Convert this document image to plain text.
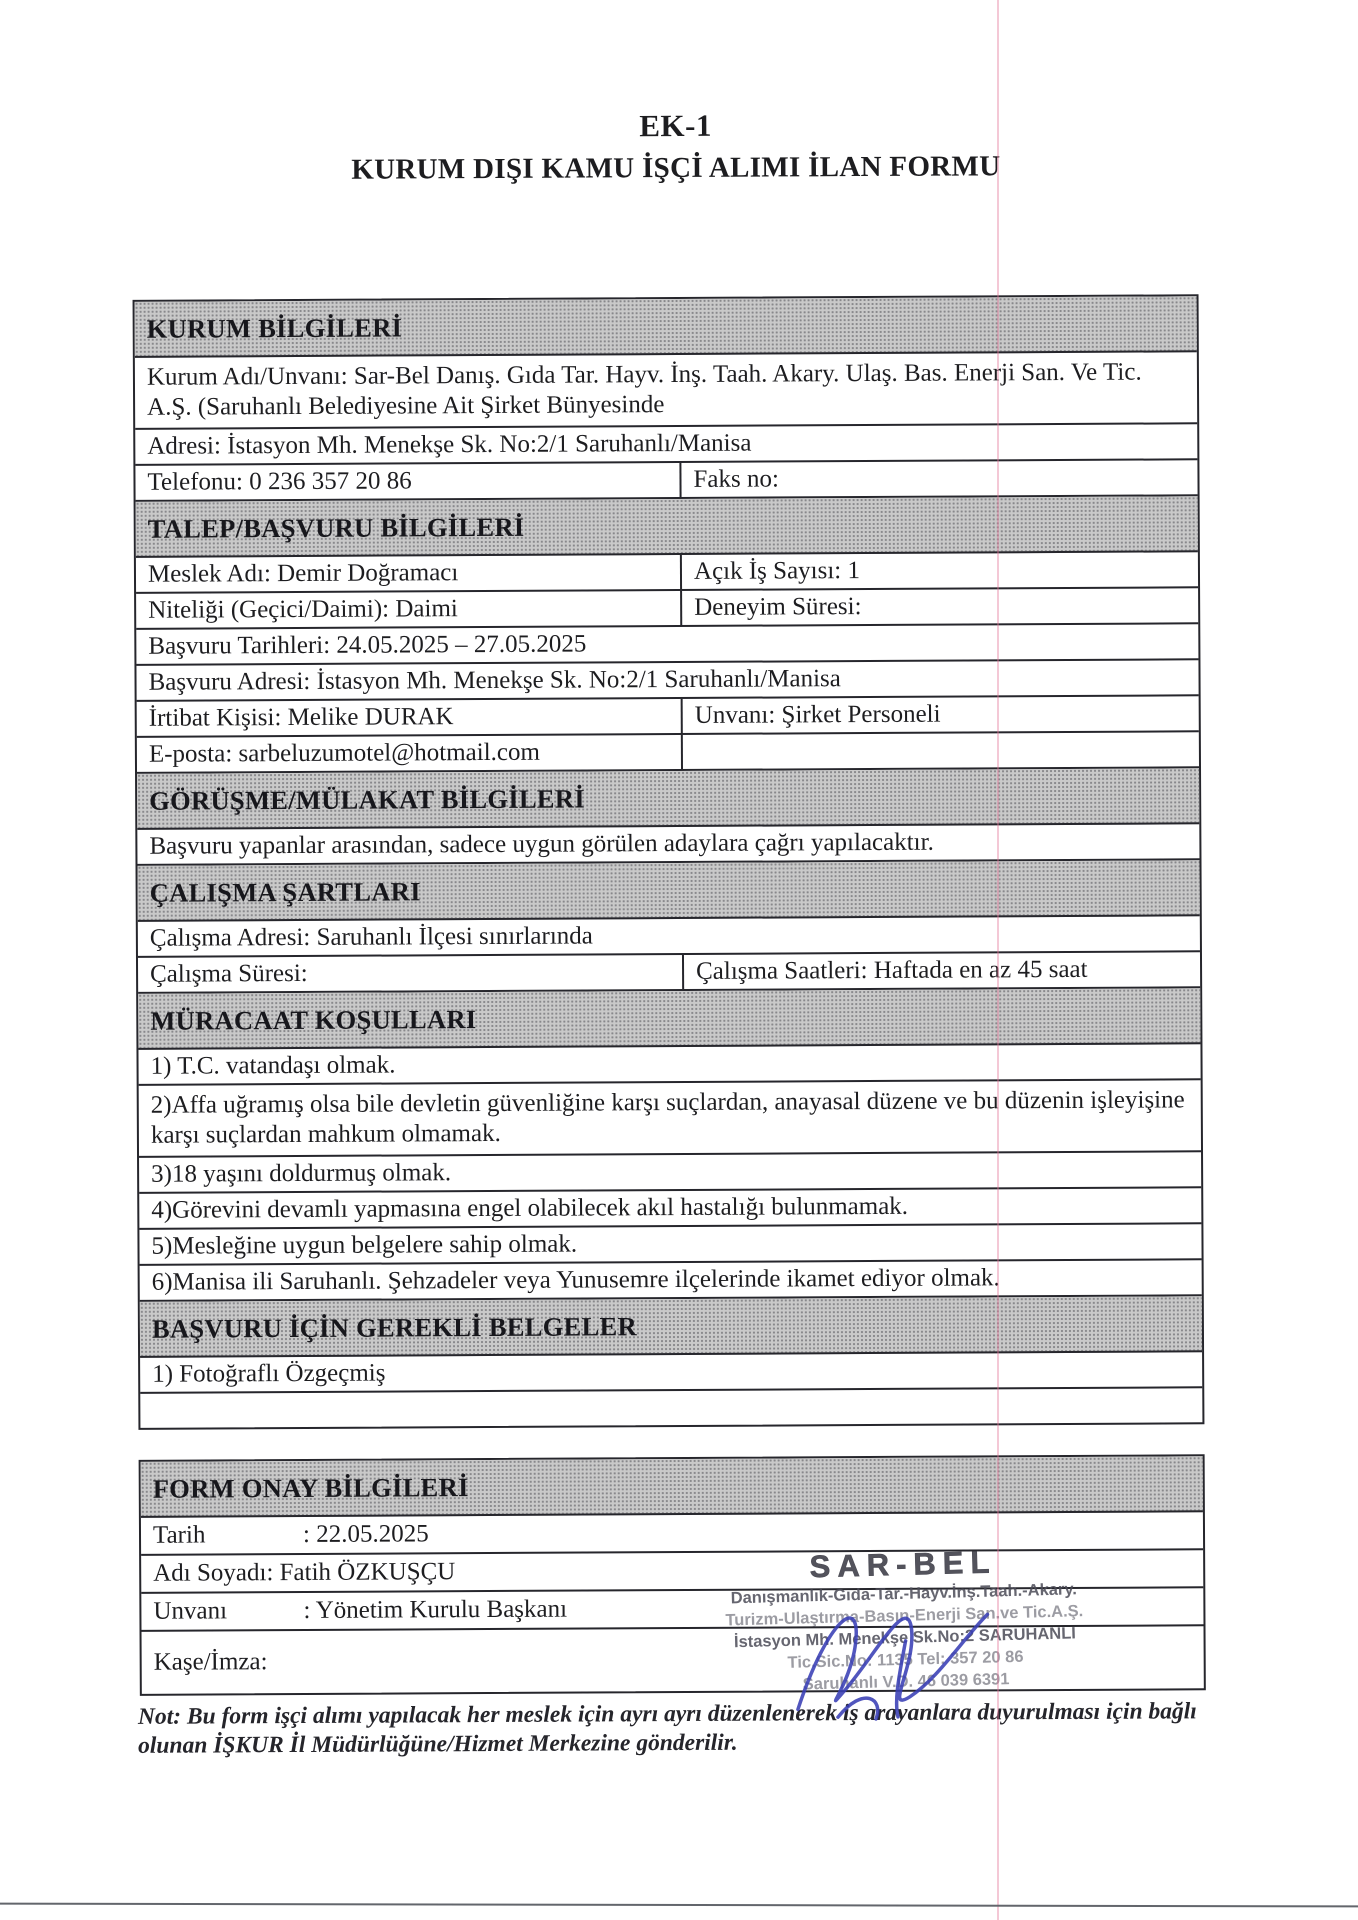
EK-1
KURUM DIŞI KAMU İŞÇİ ALIMI İLAN FORMU
KURUM BİLGİLERİ
Kurum Adı/Unvanı: Sar-Bel Danış. Gıda Tar. Hayv. İnş. Taah. Akary. Ulaş. Bas. Enerji San. Ve Tic. A.Ş. (Saruhanlı Belediyesine Ait Şirket Bünyesinde
Adresi: İstasyon Mh. Menekşe Sk. No:2/1 Saruhanlı/Manisa
Telefonu: 0 236 357 20 86	Faks no:
TALEP/BAŞVURU BİLGİLERİ
Meslek Adı: Demir Doğramacı	Açık İş Sayısı: 1
Niteliği (Geçici/Daimi): Daimi	Deneyim Süresi:
Başvuru Tarihleri: 24.05.2025 – 27.05.2025
Başvuru Adresi: İstasyon Mh. Menekşe Sk. No:2/1 Saruhanlı/Manisa
İrtibat Kişisi: Melike DURAK	Unvanı: Şirket Personeli
E-posta: sarbeluzumotel@hotmail.com
GÖRÜŞME/MÜLAKAT BİLGİLERİ
Başvuru yapanlar arasından, sadece uygun görülen adaylara çağrı yapılacaktır.
ÇALIŞMA ŞARTLARI
Çalışma Adresi: Saruhanlı İlçesi sınırlarında
Çalışma Süresi:	Çalışma Saatleri: Haftada en az 45 saat
MÜRACAAT KOŞULLARI
1) T.C. vatandaşı olmak.
2)Affa uğramış olsa bile devletin güvenliğine karşı suçlardan, anayasal düzene ve bu düzenin işleyişine karşı suçlardan mahkum olmamak.
3)18 yaşını doldurmuş olmak.
4)Görevini devamlı yapmasına engel olabilecek akıl hastalığı bulunmamak.
5)Mesleğine uygun belgelere sahip olmak.
6)Manisa ili Saruhanlı. Şehzadeler veya Yunusemre ilçelerinde ikamet ediyor olmak.
BAŞVURU İÇİN GEREKLİ BELGELER
1) Fotoğraflı Özgeçmiş
FORM ONAY BİLGİLERİ
Tarih	: 22.05.2025
Adı Soyadı: Fatih ÖZKUŞÇU
Unvanı	: Yönetim Kurulu Başkanı
Kaşe/İmza:
SAR-BEL
Danışmanlık-Gıda-Tar.-Hayv.İnş.Taah.-Akary.
Turizm-Ulaştırma-Basın-Enerji San.ve Tic.A.Ş.
İstasyon Mh. Menekşe Sk.No:2 SARUHANLI
Tic.Sic.No: 1135 Tel: 357 20 86
Saruhanlı V.D. 46 039 6391
Not: Bu form işçi alımı yapılacak her meslek için ayrı ayrı düzenlenerek iş arayanlara duyurulması için bağlı olunan İŞKUR İl Müdürlüğüne/Hizmet Merkezine gönderilir.
